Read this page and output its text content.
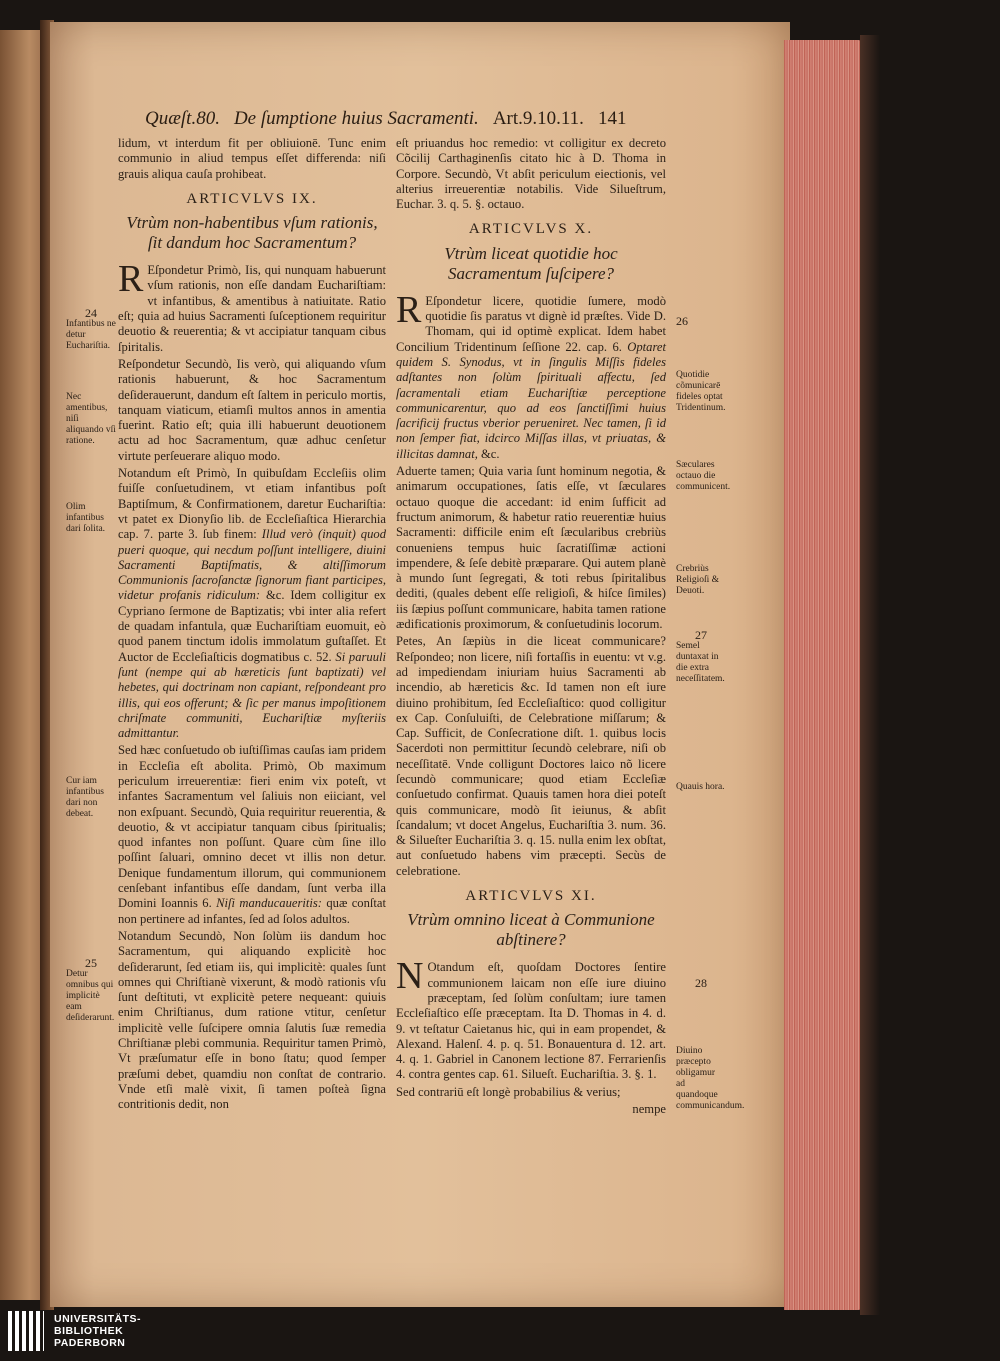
Quæſt.80. De ſumptione huius Sacramenti. Art.9.10.11. 141

lidum, vt interdum fit per obliuionē. Tunc enim communio in aliud tempus eſſet differenda: niſi grauis aliqua cauſa prohibeat.

ARTICVLVS IX.
Vtrùm non-habentibus vſum rationis, ſit dandum hoc Sacramentum?

R Eſpondetur Primò, Iis, qui nunquam habuerunt vſum rationis, non eſſe dandam Euchariſtiam: vt infantibus, & amentibus à natiuitate. Ratio eſt; quia ad huius Sacramenti ſuſceptionem requiritur deuotio & reuerentia; & vt accipiatur tanquam cibus ſpiritalis.

Reſpondetur Secundò, Iis verò, qui aliquando vſum rationis habuerunt, & hoc Sacramentum deſiderauerunt, dandum eſt ſaltem in periculo mortis, tanquam viaticum, etiamſi multos annos in amentia fuerint. Ratio eſt; quia illi habuerunt deuotionem actu ad hoc Sacramentum, quæ adhuc cenſetur virtute perſeuerare aliquo modo.

Notandum eſt Primò, In quibuſdam Eccleſiis olim fuiſſe conſuetudinem, vt etiam infantibus poſt Baptiſmum, & Confirmationem, daretur Euchariſtia: vt patet ex Dionyſio lib. de Eccleſiaſtica Hierarchia cap. 7. parte 3. ſub finem: Illud verò (inquit) quod pueri quoque, qui necdum poſſunt intelligere, diuini Sacramenti Baptiſmatis, & altiſſimorum Communionis ſacroſanctæ ſignorum fiant participes, videtur profanis ridiculum: &c. Idem colligitur ex Cypriano ſermone de Baptizatis; vbi inter alia refert de quadam infantula, quæ Euchariſtiam euomuit, eò quod panem tinctum idolis immolatum guſtaſſet. Et Auctor de Eccleſiaſticis dogmatibus c. 52. Si paruuli ſunt (nempe qui ab hæreticis ſunt baptizati) vel hebetes, qui doctrinam non capiant, reſpondeant pro illis, qui eos offerunt; & ſic per manus impoſitionem chriſmate communiti, Euchariſtiæ myſteriis admittantur.

Sed hæc conſuetudo ob iuſtiſſimas cauſas iam pridem in Eccleſia eſt abolita. Primò, Ob maximum periculum irreuerentiæ: fieri enim vix poteſt, vt infantes Sacramentum vel ſaliuis non eiiciant, vel non exſpuant. Secundò, Quia requiritur reuerentia, & deuotio, & vt accipiatur tanquam cibus ſpiritualis; quod infantes non poſſunt. Quare cùm ſine illo poſſint ſaluari, omnino decet vt illis non detur. Denique fundamentum illorum, qui communionem cenſebant infantibus eſſe dandam, ſunt verba illa Domini Ioannis 6. Niſi manducaueritis: quæ conſtat non pertinere ad infantes, ſed ad ſolos adultos.

Notandum Secundò, Non ſolùm iis dandum hoc Sacramentum, qui aliquando explicitè hoc deſiderarunt, ſed etiam iis, qui implicitè: quales ſunt omnes qui Chriſtianè vixerunt, & modò rationis vſu ſunt deſtituti, vt explicitè petere nequeant: quiuis enim Chriſtianus, dum ratione vtitur, cenſetur implicitè velle ſuſcipere omnia ſalutis ſuæ remedia Chriſtianæ plebi communia. Requiritur tamen Primò, Vt præſumatur eſſe in bono ſtatu; quod ſemper præſumi debet, quamdiu non conſtat de contrario. Vnde etſi malè vixit, ſi tamen poſteà ſigna contritionis dedit, non

eſt priuandus hoc remedio: vt colligitur ex decreto Cõcilij Carthaginenſis citato hic à D. Thoma in Corpore. Secundò, Vt abſit periculum eiectionis, vel alterius irreuerentiæ notabilis. Vide Silueſtrum, Euchar. 3. q. 5. §. octauo.

ARTICVLVS X.
Vtrùm liceat quotidie hoc Sacramentum ſuſcipere?

R Eſpondetur licere, quotidie ſumere, modò quotidie ſis paratus vt dignè id præſtes. Vide D. Thomam, qui id optimè explicat. Idem habet Concilium Tridentinum ſeſſione 22. cap. 6. Optaret quidem S. Synodus, vt in ſingulis Miſſis fideles adſtantes non ſolùm ſpirituali affectu, ſed ſacramentali etiam Euchariſtiæ perceptione communicarentur, quo ad eos ſanctiſſimi huius ſacrificij fructus vberior perueniret. Nec tamen, ſi id non ſemper fiat, idcirco Miſſas illas, vt priuatas, & illicitas damnat, &c.

Aduerte tamen; Quia varia ſunt hominum negotia, & animarum occupationes, ſatis eſſe, vt ſæculares octauo quoque die accedant: id enim ſufficit ad fructum animorum, & habetur ratio reuerentiæ huius Sacramenti: difficile enim eſt ſæcularibus crebriùs conueniens tempus huic ſacratiſſimæ actioni impendere, & ſeſe debitè præparare. Qui autem planè à mundo ſunt ſegregati, & toti rebus ſpiritalibus dediti, (quales debent eſſe religioſi, & hiſce ſimiles) iis ſæpius poſſunt communicare, habita tamen ratione ædificationis proximorum, & conſuetudinis locorum.

Petes, An ſæpiùs in die liceat communicare? Reſpondeo; non licere, niſi fortaſſis in euentu: vt v.g. ad impediendam iniuriam huius Sacramenti ab incendio, ab hæreticis &c. Id tamen non eſt iure diuino prohibitum, ſed Eccleſiaſtico: quod colligitur ex Cap. Conſuluiſti, de Celebratione miſſarum; & Cap. Sufficit, de Conſecratione diſt. 1. quibus locis Sacerdoti non permittitur ſecundò celebrare, niſi ob neceſſitatē. Vnde colligunt Doctores laico nõ licere ſecundò communicare; quod etiam Eccleſiæ conſuetudo confirmat. Quauis tamen hora diei poteſt quis communicare, modò ſit ieiunus, & abſit ſcandalum; vt docet Angelus, Euchariſtia 3. num. 36. & Silueſter Euchariſtia 3. q. 15. nulla enim lex obſtat, aut conſuetudo habens vim præcepti. Secùs de celebratione.

ARTICVLVS XI.
Vtrùm omnino liceat à Communione abſtinere?

N Otandum eſt, quoſdam Doctores ſentire communionem laicam non eſſe iure diuino præceptam, ſed ſolùm conſultam; iure tamen Eccleſiaſtico eſſe præceptam. Ita D. Thomas in 4. d. 9. vt teſtatur Caietanus hic, qui in eam propendet, & Alexand. Halenſ. 4. p. q. 51. Bonauentura d. 12. art. 4. q. 1. Gabriel in Canonem lectione 87. Ferrarienſis 4. contra gentes cap. 61. Silueſt. Euchariſtia. 3. §. 1.

Sed contrariū eſt longè probabilius & verius;

nempe

24
Infantibus ne detur Euchariſtia.
Nec amentibus, niſi aliquando vſi ratione.
Olim infantibus dari ſolita.
Cur iam infantibus dari non debeat.
25
Detur omnibus qui implicitè eam deſiderarunt.
26
Quotidie cõmunicarē fideles optat Tridentinum.
Sæculares octauo die communicent.
Crebriùs Religioſi & Deuoti.
27
Semel duntaxat in die extra neceſſitatem.
Quauis hora.
28
Diuino præcepto obligamur ad quandoque communicandum.
UNIVERSITÄTS-
BIBLIOTHEK
PADERBORN
